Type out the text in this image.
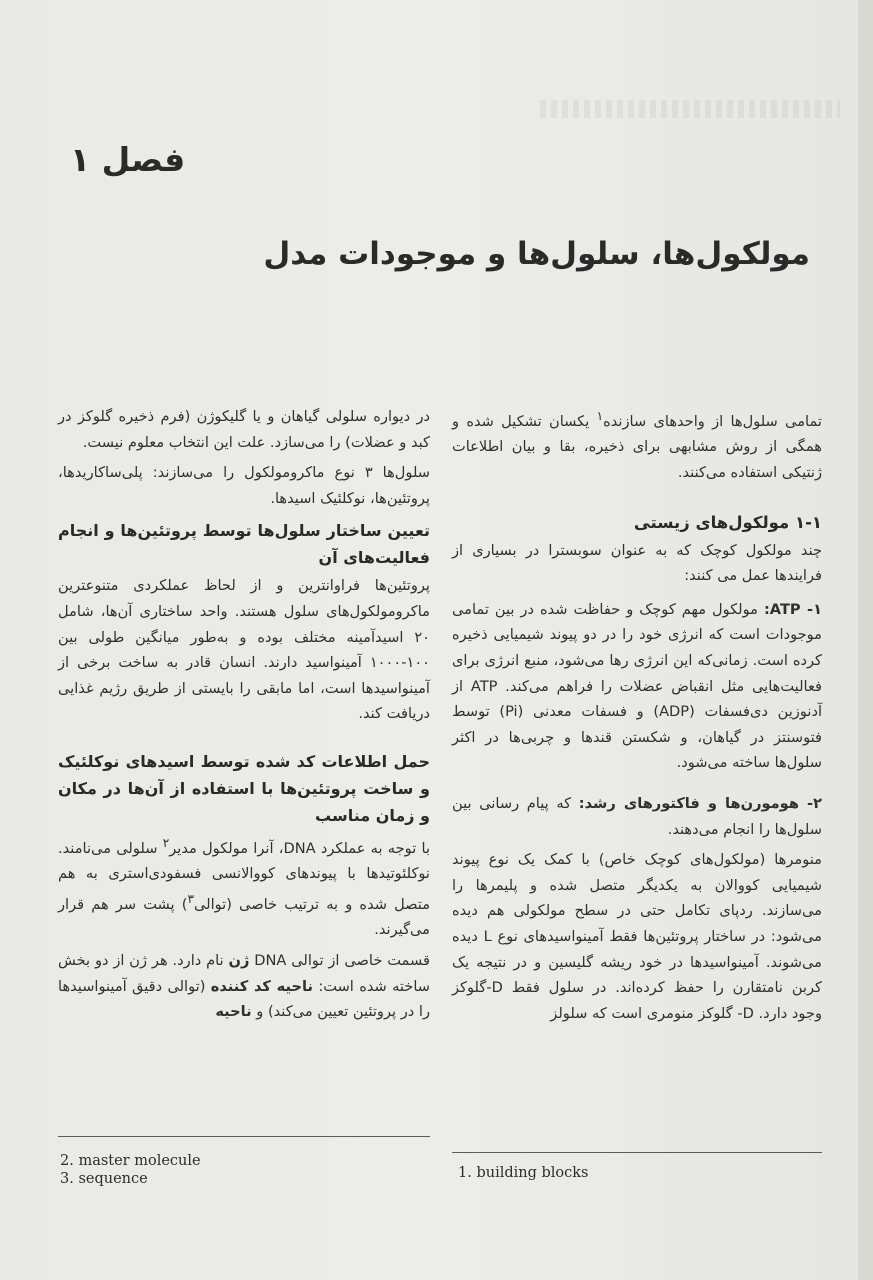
فصل ۱
مولکول‌ها، سلول‌ها و موجودات مدل

تمامی سلول‌ها از واحدهای سازنده$^۱$ یکسان تشکیل شده و همگی از روش مشابهی برای ذخیره، بقا و بیان اطلاعات ژنتیکی استفاده می‌کنند.

۱-۱ مولکول‌های زیستی

چند مولکول کوچک که به عنوان سوبسترا در بسیاری از فرایندها عمل می کنند:

۱- ATP: مولکول مهم کوچک و حفاظت شده در بین تمامی موجودات است که انرژی خود را در دو پیوند شیمیایی ذخیره کرده است. زمانی‌که این انرژی رها می‌شود، منبع انرژی برای فعالیت‌هایی مثل انقباض عضلات را فراهم می‌کند. ATP از آدنوزین دی‌فسفات (ADP) و فسفات معدنی (Pi) توسط فتوسنتز در گیاهان، و شکستن قندها و چربی‌ها در اکثر سلول‌ها ساخته می‌شود.

۲- هومورن‌ها و فاکتورهای رشد: که پیام رسانی بین سلول‌ها را انجام می‌دهند.

منومرها (مولکول‌های کوچک خاص) با کمک یک نوع پیوند شیمیایی کووالان به یکدیگر متصل شده و پلیمرها را می‌سازند. ردپای تکامل حتی در سطح مولکولی هم دیده می‌شود: در ساختار پروتئین‌ها فقط آمینواسیدهای نوع L دیده می‌شوند. آمینواسیدها در خود ریشه گلیسین و در نتیجه یک کربن نامتقارن را حفظ کرده‌اند. در سلول فقط D-گلوکز وجود دارد. D- گلوکز منومری است که سلولز

در دیواره سلولی گیاهان و یا گلیکوژن (فرم ذخیره گلوکز در کبد و عضلات) را می‌سازد. علت این انتخاب معلوم نیست.

سلول‌ها ۳ نوع ماکرومولکول را می‌سازند: پلی‌ساکاریدها، پروتئین‌ها، نوکلئیک اسیدها.

تعیین ساختار سلول‌ها توسط پروتئین‌ها و انجام فعالیت‌های آن

پروتئین‌ها فراوانترین و از لحاظ عملکردی متنوعترین ماکرومولکول‌های سلول هستند. واحد ساختاری آن‌ها، شامل ۲۰ اسیدآمینه مختلف بوده و به‌طور میانگین طولی بین ۱۰۰-۱۰۰۰ آمینواسید دارند. انسان قادر به ساخت برخی از آمینواسیدها است، اما مابقی را بایستی از طریق رژیم غذایی دریافت کند.

حمل اطلاعات کد شده توسط اسیدهای نوکلئیک و ساخت پروتئین‌ها با استفاده از آن‌ها در مکان و زمان مناسب

با توجه به عملکرد DNA، آنرا مولکول مدیر$^۲$ سلولی می‌نامند. نوکلئوتیدها با پیوندهای کووالانسی فسفودی‌استری به هم متصل شده و به ترتیب خاصی (توالی$^۳$) پشت سر هم قرار می‌گیرند.

قسمت خاصی از توالی DNA ژن نام دارد. هر ژن از دو بخش ساخته شده است: ناحیه کد کننده (توالی دقیق آمینواسیدها را در پروتئین تعیین می‌کند) و ناحیه

2. master molecule
3. sequence	1. building blocks
